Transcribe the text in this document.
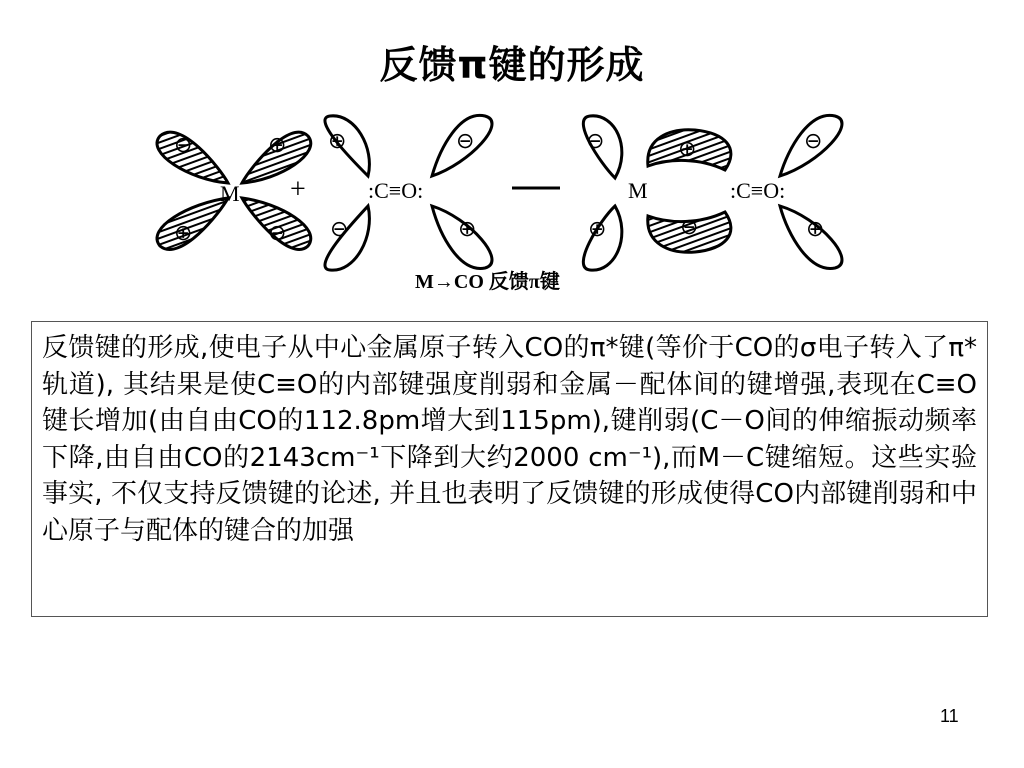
反馈π键的形成
M
⊖	⊕
⊕	⊖
+
⊕
⊖
⊖
⊕
:C≡O:
⊖
⊕
⊕
⊖
⊖
⊕
M	:C≡O:
M→CO 反馈π键
反馈键的形成,使电子从中心金属原子转入CO的π*键(等价于CO的σ电子转入了π*轨道), 其结果是使C≡O的内部键强度削弱和金属－配体间的键增强,表现在C≡O 键长增加(由自由CO的112.8pm增大到115pm),键削弱(C－O间的伸缩振动频率下降,由自由CO的2143cm⁻¹下降到大约2000 cm⁻¹),而M－C键缩短。这些实验事实, 不仅支持反馈键的论述, 并且也表明了反馈键的形成使得CO内部键削弱和中心原子与配体的键合的加强
11
